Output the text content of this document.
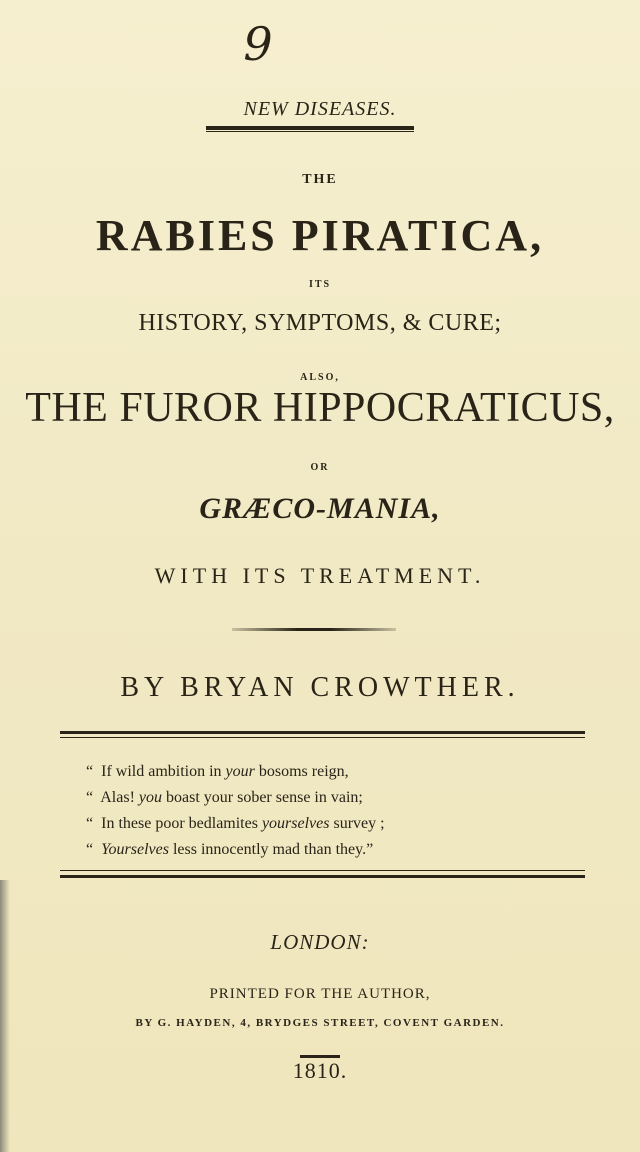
9
NEW DISEASES.
THE
RABIES PIRATICA,
ITS
HISTORY, SYMPTOMS, & CURE;
ALSO,
THE FUROR HIPPOCRATICUS,
OR
GRÆCO-MANIA,
WITH ITS TREATMENT.
BY BRYAN CROWTHER.
“ If wild ambition in your bosoms reign,
“ Alas! you boast your sober sense in vain;
“ In these poor bedlamites yourselves survey ;
“ Yourselves less innocently mad than they.”
LONDON:
PRINTED FOR THE AUTHOR,
BY G. HAYDEN, 4, BRYDGES STREET, COVENT GARDEN.
1810.
